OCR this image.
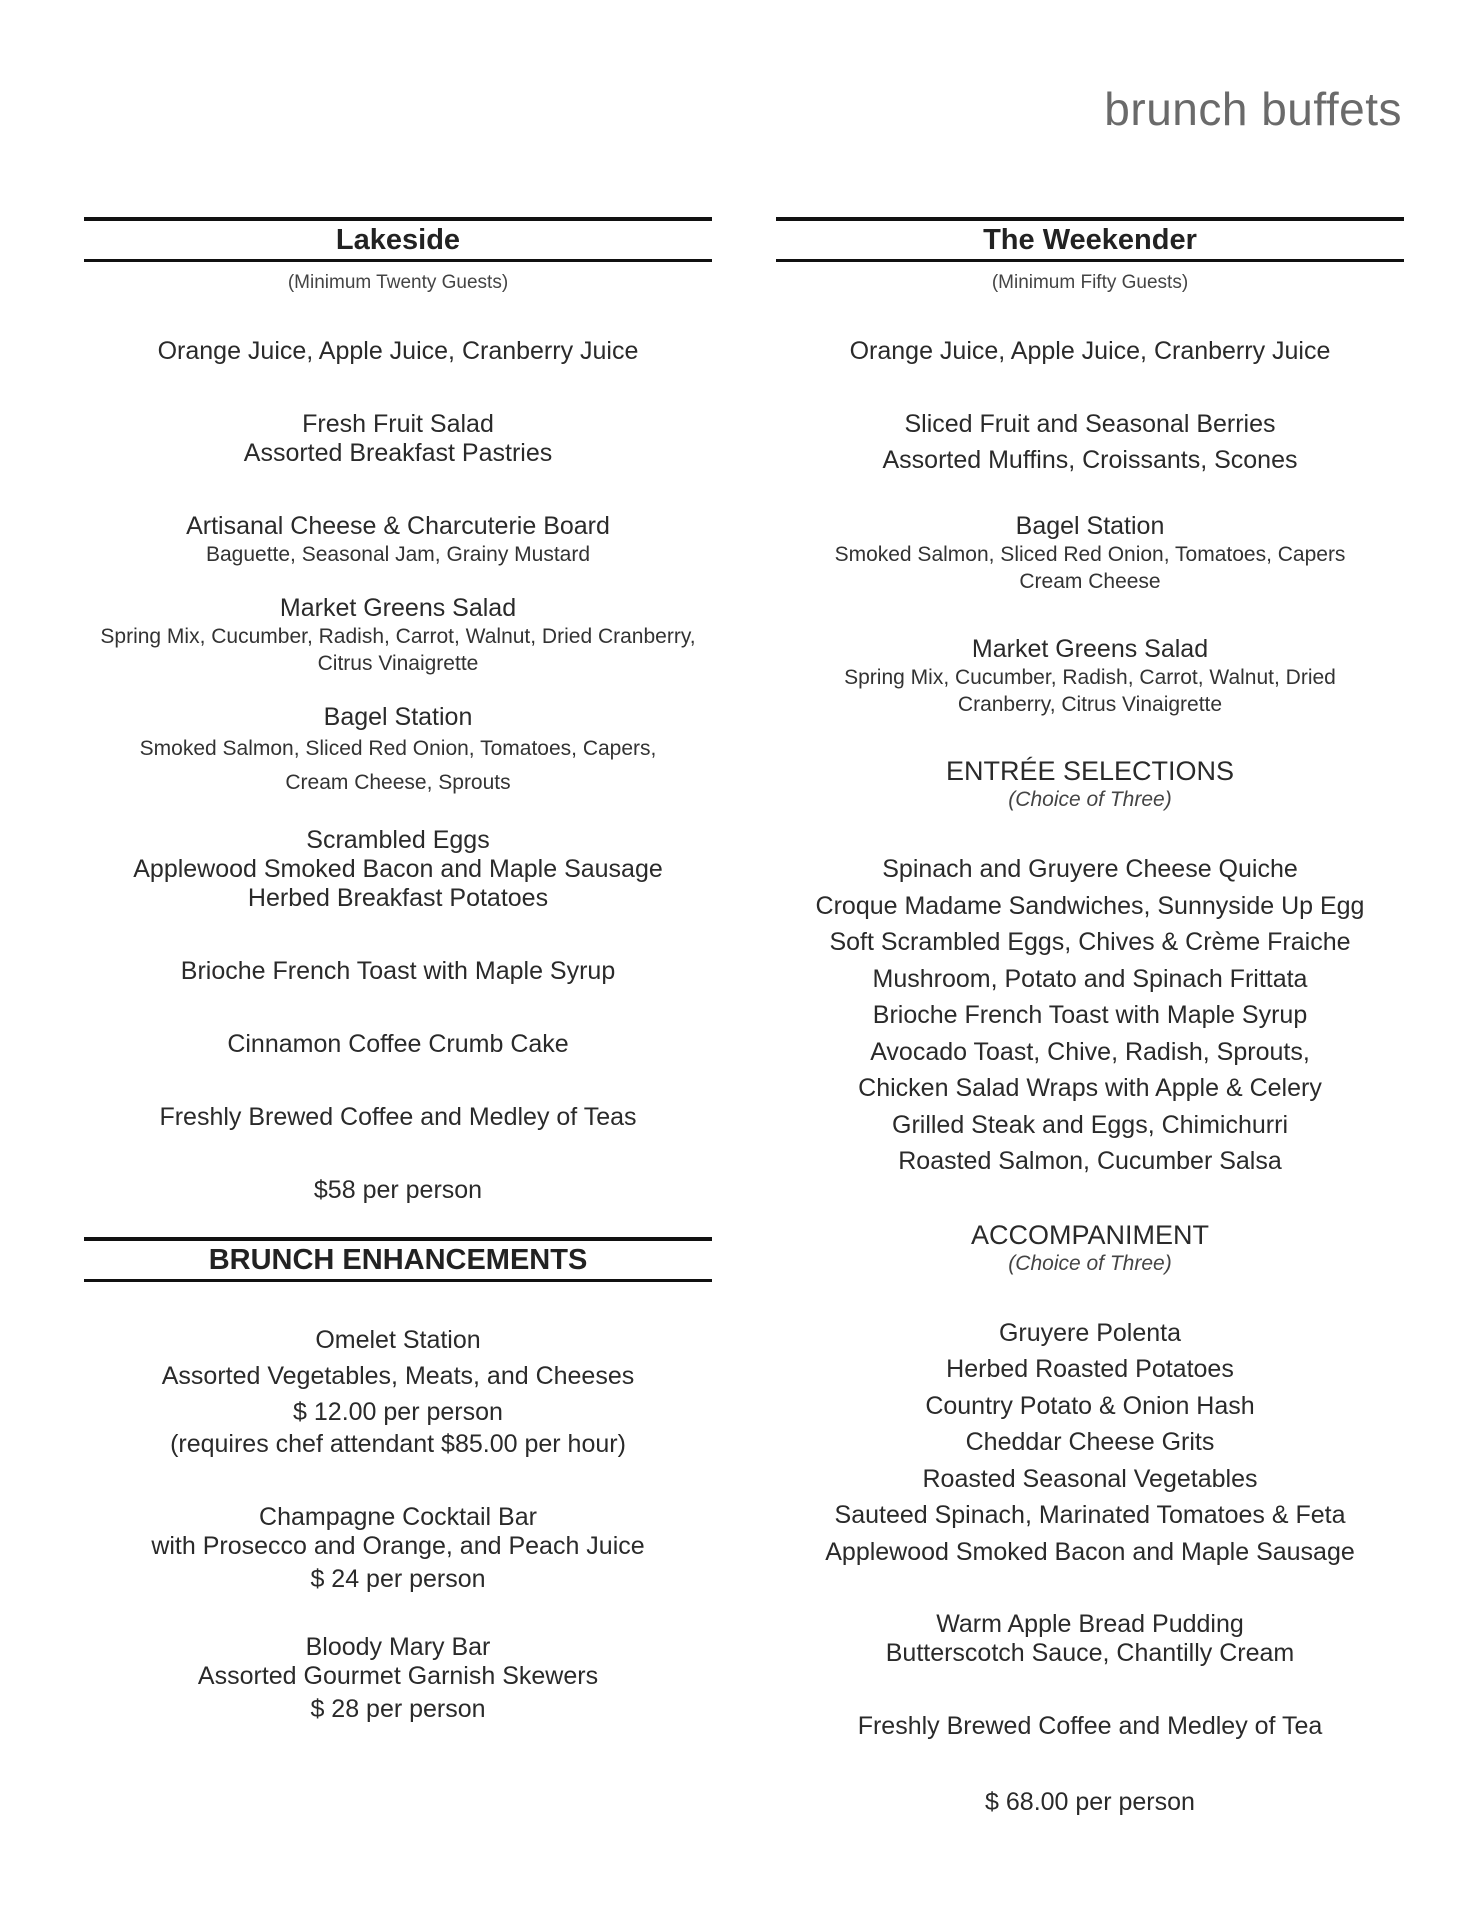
brunch buffets
Lakeside
(Minimum Twenty Guests)
Orange Juice, Apple Juice, Cranberry Juice
Fresh Fruit Salad
Assorted Breakfast Pastries
Artisanal Cheese & Charcuterie Board
Baguette, Seasonal Jam, Grainy Mustard
Market Greens Salad
Spring Mix, Cucumber, Radish, Carrot, Walnut, Dried Cranberry, Citrus Vinaigrette
Bagel Station
Smoked Salmon, Sliced Red Onion, Tomatoes, Capers,
Cream Cheese, Sprouts
Scrambled Eggs
Applewood Smoked Bacon and Maple Sausage
Herbed Breakfast Potatoes
Brioche French Toast with Maple Syrup
Cinnamon Coffee Crumb Cake
Freshly Brewed Coffee and Medley of Teas
$58 per person
BRUNCH ENHANCEMENTS
Omelet Station
Assorted Vegetables, Meats, and Cheeses
$ 12.00 per person
(requires chef attendant $85.00 per hour)
Champagne Cocktail Bar
with Prosecco and Orange, and Peach Juice
$ 24 per person
Bloody Mary Bar
Assorted Gourmet Garnish Skewers
$ 28 per person
The Weekender
(Minimum Fifty Guests)
Orange Juice, Apple Juice, Cranberry Juice
Sliced Fruit and Seasonal Berries
Assorted Muffins, Croissants, Scones
Bagel Station
Smoked Salmon, Sliced Red Onion, Tomatoes, Capers
Cream Cheese
Market Greens Salad
Spring Mix, Cucumber, Radish, Carrot, Walnut, Dried Cranberry, Citrus Vinaigrette
ENTRÉE SELECTIONS
(Choice of Three)
Spinach and Gruyere Cheese Quiche
Croque Madame Sandwiches, Sunnyside Up Egg
Soft Scrambled Eggs, Chives & Crème Fraiche
Mushroom, Potato and Spinach Frittata
Brioche French Toast with Maple Syrup
Avocado Toast, Chive, Radish, Sprouts,
Chicken Salad Wraps with Apple & Celery
Grilled Steak and Eggs, Chimichurri
Roasted Salmon, Cucumber Salsa
ACCOMPANIMENT
(Choice of Three)
Gruyere Polenta
Herbed Roasted Potatoes
Country Potato & Onion Hash
Cheddar Cheese Grits
Roasted Seasonal Vegetables
Sauteed Spinach, Marinated Tomatoes & Feta
Applewood Smoked Bacon and Maple Sausage
Warm Apple Bread Pudding
Butterscotch Sauce, Chantilly Cream
Freshly Brewed Coffee and Medley of Tea
$ 68.00 per person
